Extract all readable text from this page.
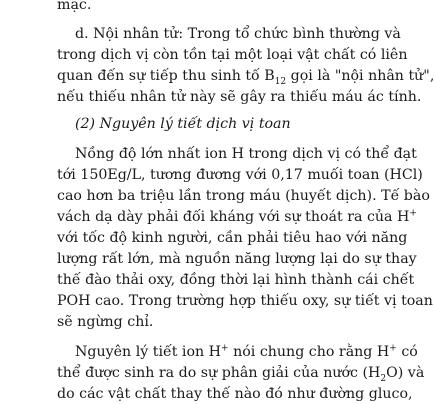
mạc.
d. Nội nhân tử: Trong tổ chức bình thường và
trong dịch vị còn tồn tại một loại vật chất có liên
quan đến sự tiếp thu sinh tố $B_{12}$ gọi là "nội nhân tử",
nếu thiếu nhân tử này sẽ gây ra thiếu máu ác tính.
(2) Nguyên lý tiết dịch vị toan
Nồng độ lớn nhất ion H trong dịch vị có thể đạt
tới 150Eg/L, tương đương với 0,17 muối toan (HCl)
cao hơn ba triệu lần trong máu (huyết dịch). Tế bào
vách dạ dày phải đối kháng với sự thoát ra của H+
với tốc độ kinh người, cần phải tiêu hao với năng
lượng rất lớn, mà nguồn năng lượng lại do sự thay
thế đào thải oxy, đồng thời lại hình thành cái chết
POH cao. Trong trường hợp thiếu oxy, sự tiết vị toan
sẽ ngừng chỉ.
Nguyên lý tiết ion H+ nói chung cho rằng H+ có
thể được sinh ra do sự phân giải của nước $(H_2O)$ và
do các vật chất thay thế nào đó như đường gluco,
